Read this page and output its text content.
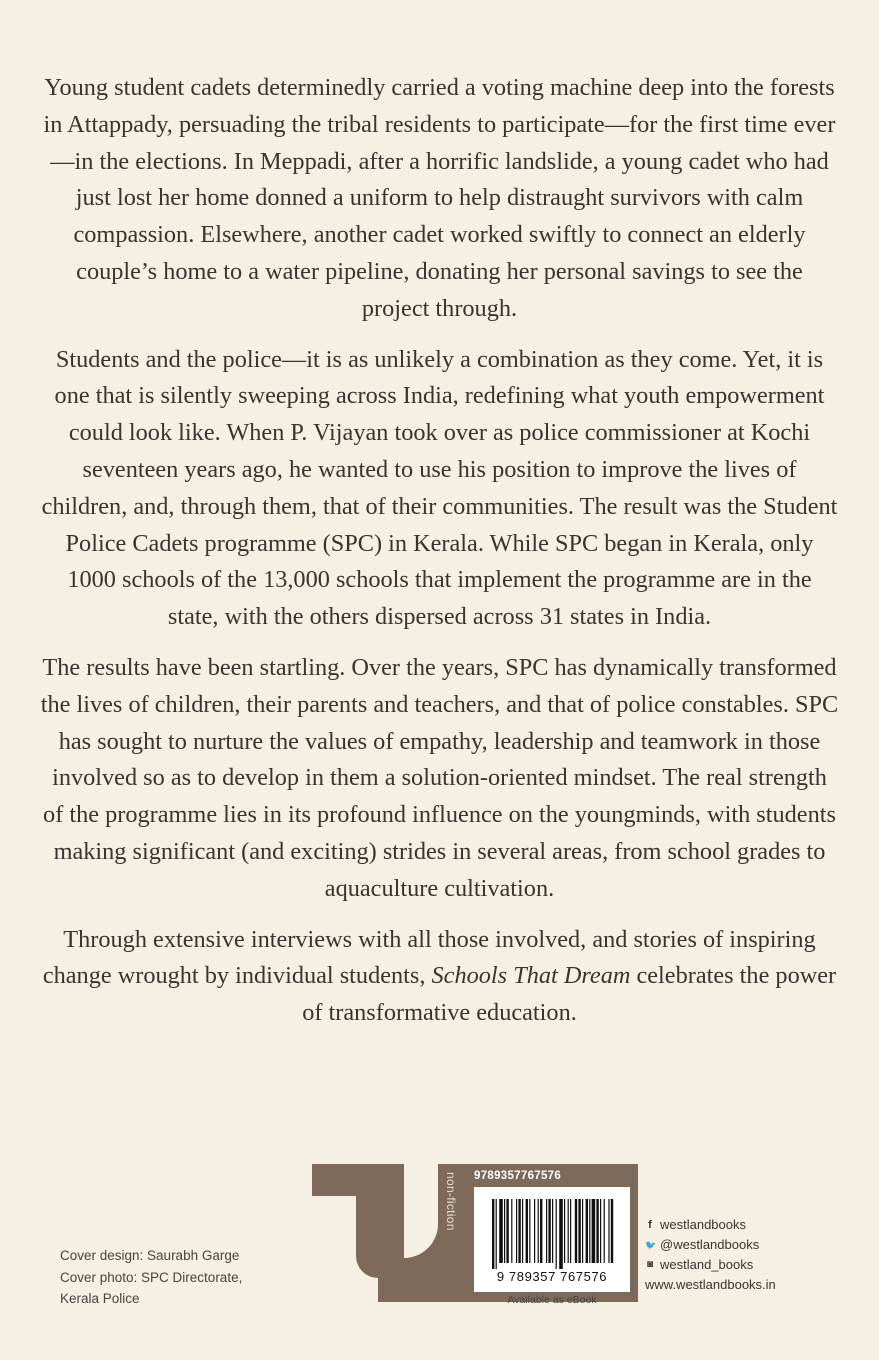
Young student cadets determinedly carried a voting machine deep into the forests in Attappady, persuading the tribal residents to participate—for the first time ever—in the elections. In Meppadi, after a horrific landslide, a young cadet who had just lost her home donned a uniform to help distraught survivors with calm compassion. Elsewhere, another cadet worked swiftly to connect an elderly couple’s home to a water pipeline, donating her personal savings to see the project through.

Students and the police—it is as unlikely a combination as they come. Yet, it is one that is silently sweeping across India, redefining what youth empowerment could look like. When P. Vijayan took over as police commissioner at Kochi seventeen years ago, he wanted to use his position to improve the lives of children, and, through them, that of their communities. The result was the Student Police Cadets programme (SPC) in Kerala. While SPC began in Kerala, only 1000 schools of the 13,000 schools that implement the programme are in the state, with the others dispersed across 31 states in India.

The results have been startling. Over the years, SPC has dynamically transformed the lives of children, their parents and teachers, and that of police constables. SPC has sought to nurture the values of empathy, leadership and teamwork in those involved so as to develop in them a solution-oriented mindset. The real strength of the programme lies in its profound influence on the youngminds, with students making significant (and exciting) strides in several areas, from school grades to aquaculture cultivation.

Through extensive interviews with all those involved, and stories of inspiring change wrought by individual students, Schools That Dream celebrates the power of transformative education.

Cover design: Saurabh Garge
Cover photo: SPC Directorate,
Kerala Police
non-fiction 9789357767576
9 789357 767576
Available as eBook
f westlandbooks
🐦 @westlandbooks
◙ westland_books
www.westlandbooks.in
